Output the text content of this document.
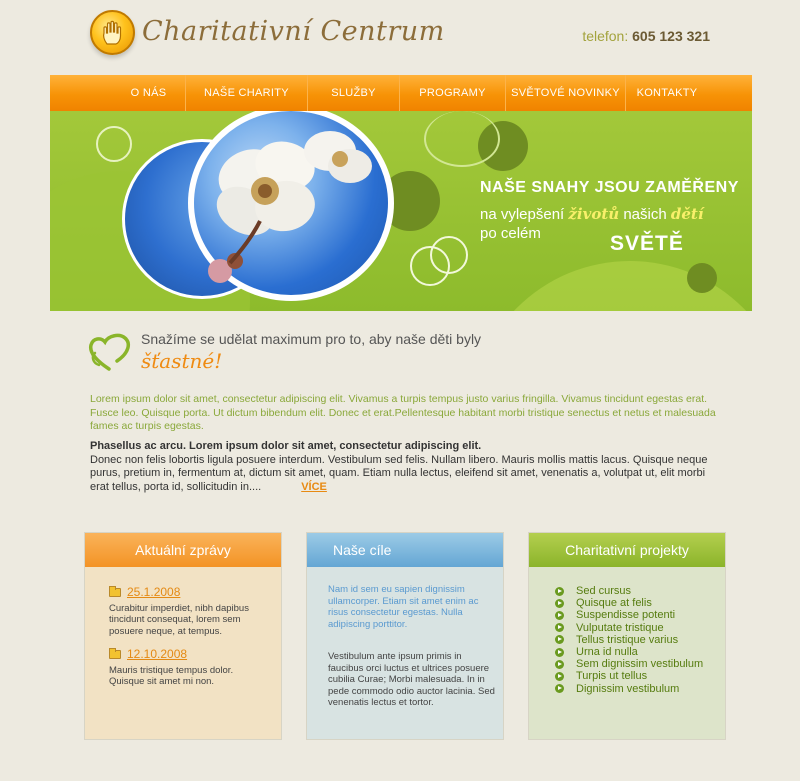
Charitativní Centrum	telefon: 605 123 321
O NÁS	NAŠE CHARITY	SLUŽBY	PROGRAMY	SVĚTOVÉ NOVINKY	KONTAKTY
NAŠE SNAHY JSOU ZAMĚŘENY
na vylepšení životů našich dětí
po celém	SVĚTĚ
Snažíme se udělat maximum pro to, aby naše děti byly
šťastné!

Lorem ipsum dolor sit amet, consectetur adipiscing elit. Vivamus a turpis tempus justo varius fringilla. Vivamus tincidunt egestas erat. Fusce leo. Quisque porta. Ut dictum bibendum elit. Donec et erat.Pellentesque habitant morbi tristique senectus et netus et malesuada fames ac turpis egestas.

Phasellus ac arcu. Lorem ipsum dolor sit amet, consectetur adipiscing elit.
Donec non felis lobortis ligula posuere interdum. Vestibulum sed felis. Nullam libero. Mauris mollis mattis lacus. Quisque neque purus, pretium in, fermentum at, dictum sit amet, quam. Etiam nulla lectus, eleifend sit amet, venenatis a, volutpat ut, elit morbi erat tellus, porta id, sollicitudin in....	VÍCE
Aktuální zprávy
25.1.2008

Curabitur imperdiet, nibh dapibus tincidunt consequat, lorem sem posuere neque, at tempus.

12.10.2008

Mauris tristique tempus dolor. Quisque sit amet mi non.

Naše cíle

Nam id sem eu sapien dignissim ullamcorper. Etiam sit amet enim ac risus consectetur egestas. Nulla adipiscing porttitor.

Vestibulum ante ipsum primis in faucibus orci luctus et ultrices posuere cubilia Curae; Morbi malesuada. In in pede commodo odio auctor lacinia. Sed venenatis lectus et tortor.

Charitativní projekty
Sed cursus
Quisque at felis
Suspendisse potenti
Vulputate tristique
Tellus tristique varius
Urna id nulla
Sem dignissim vestibulum
Turpis ut tellus
Dignissim vestibulum
